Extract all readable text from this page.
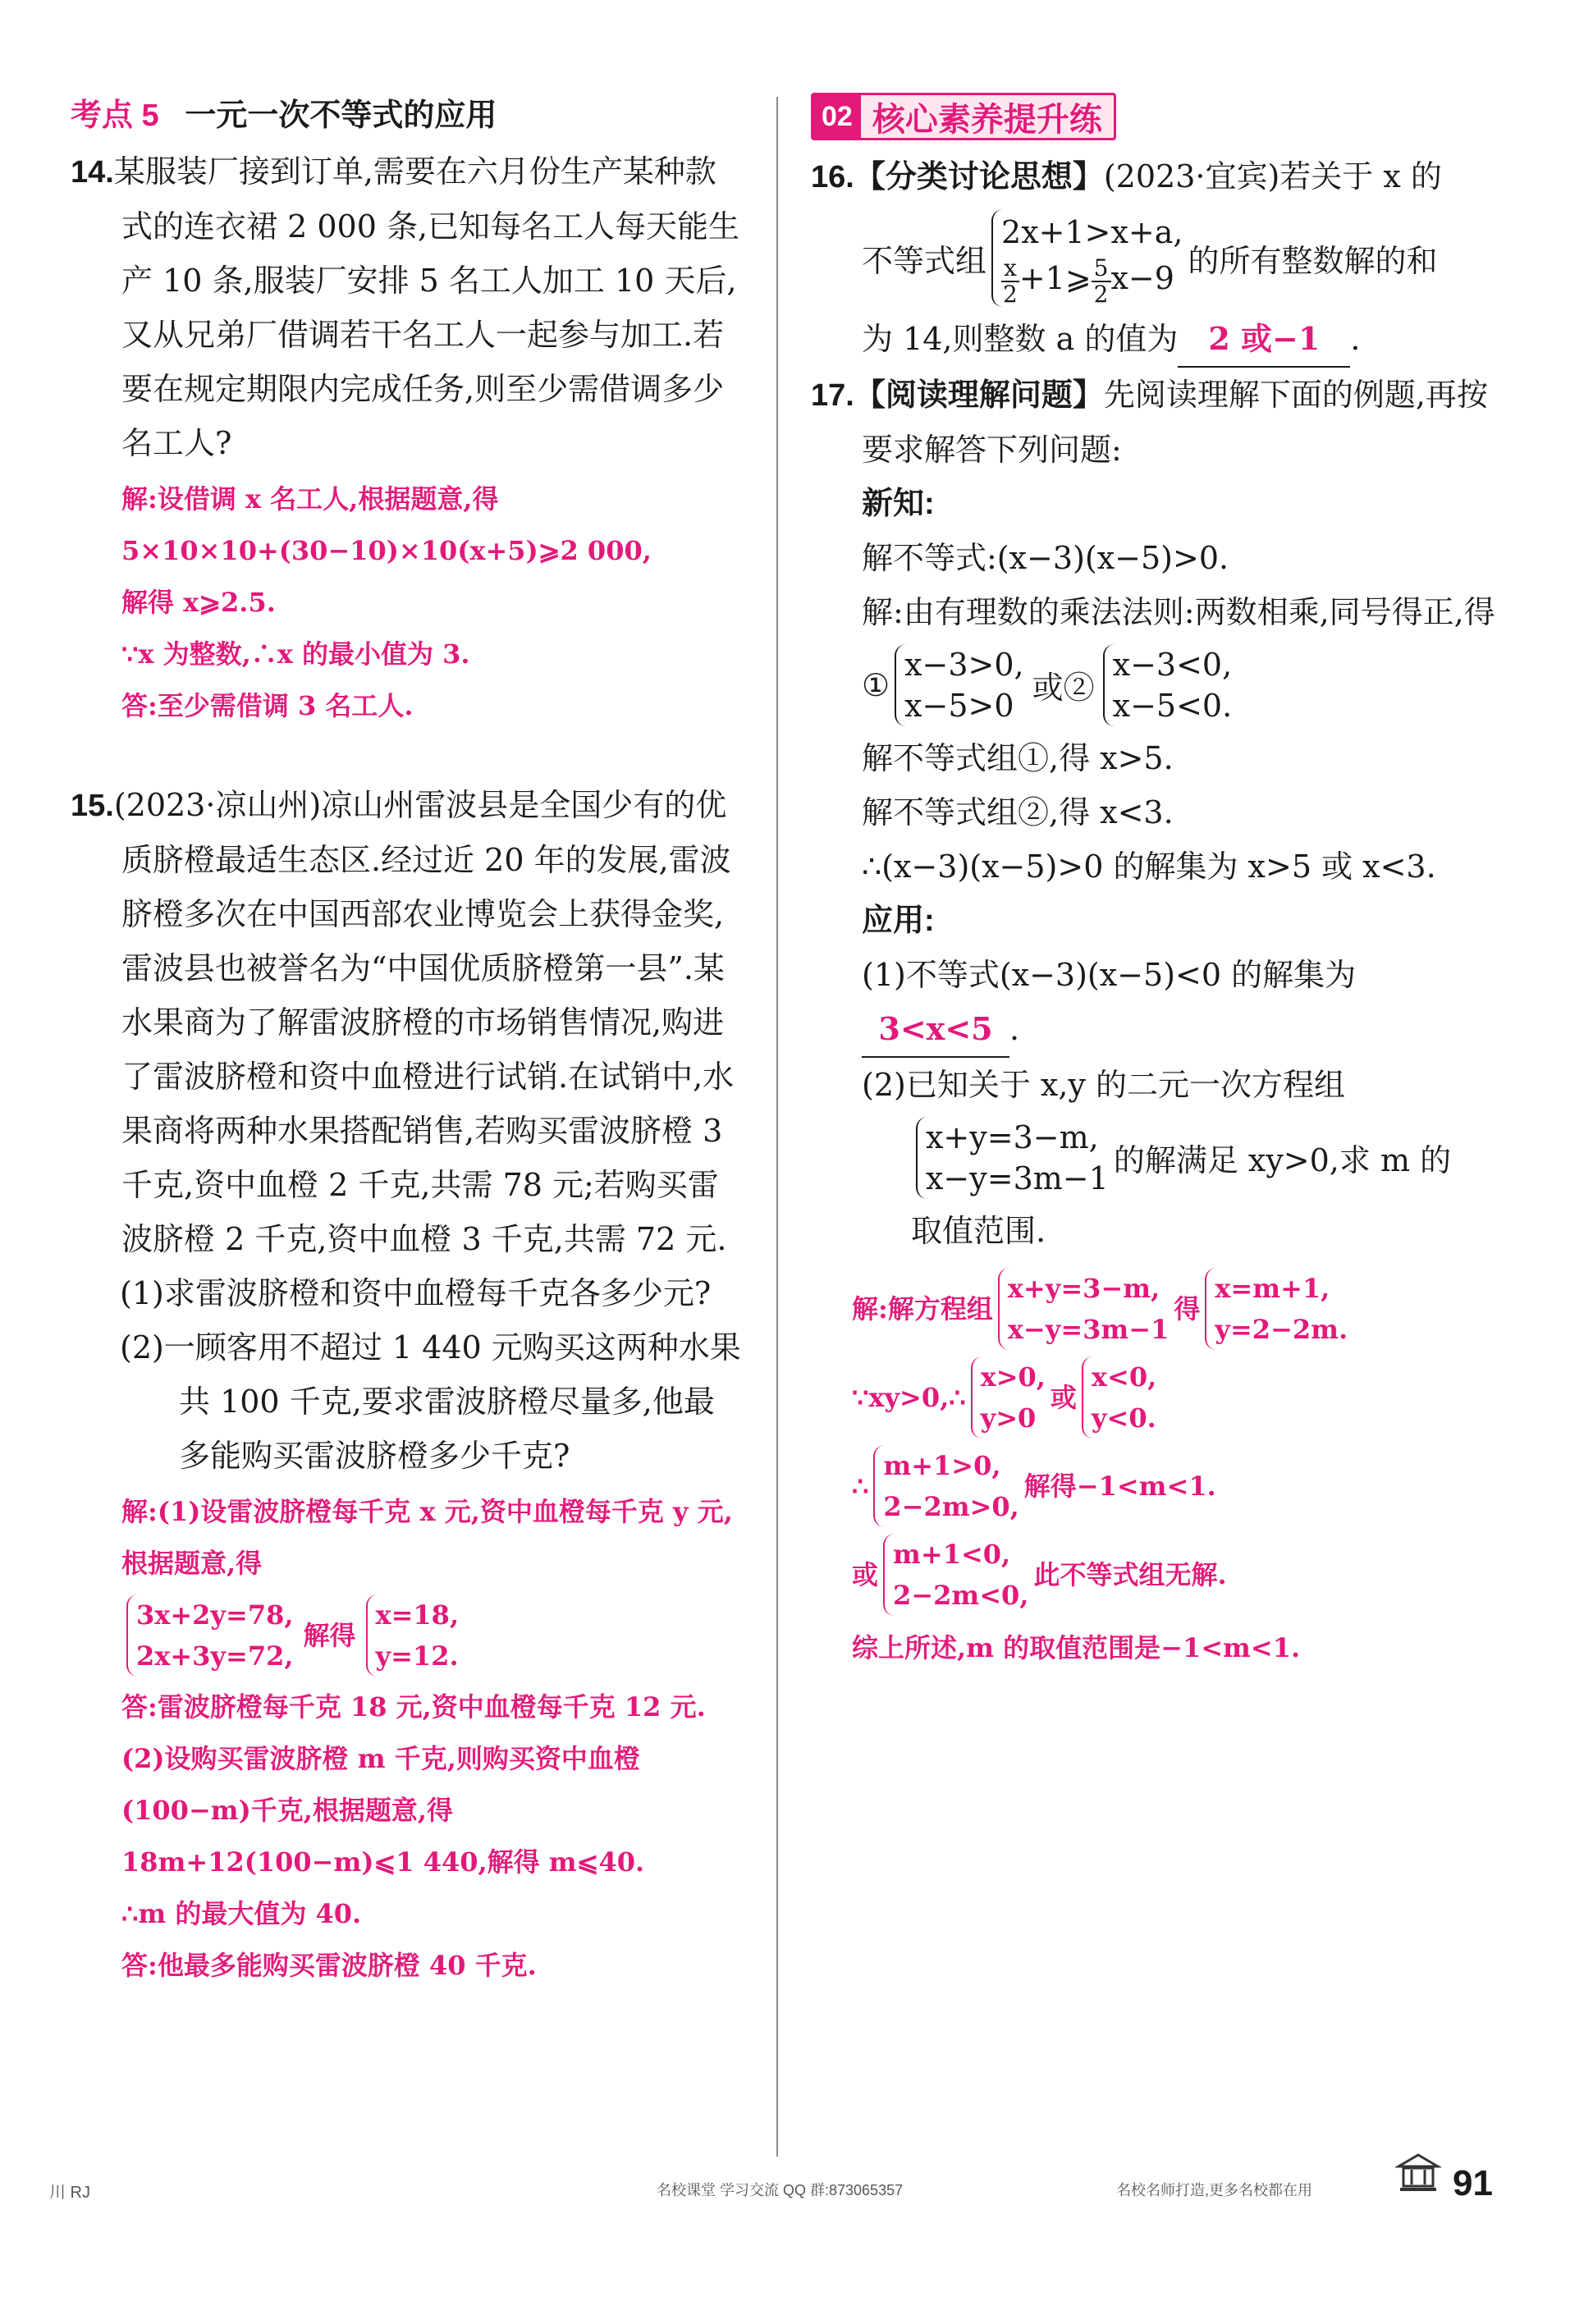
考点 5 一元一次不等式的应用

14.某服装厂接到订单,需要在六月份生产某种款式的连衣裙 2 000 条,已知每名工人每天能生产 10 条,服装厂安排 5 名工人加工 10 天后,又从兄弟厂借调若干名工人一起参与加工.若要在规定期限内完成任务,则至少需借调多少名工人?

解:设借调 x 名工人,根据题意,得

5×10×10+(30−10)×10(x+5)⩾2 000,

解得 x⩾2.5.

∵x 为整数,∴x 的最小值为 3.

答:至少需借调 3 名工人.

15.(2023·凉山州)凉山州雷波县是全国少有的优质脐橙最适生态区.经过近 20 年的发展,雷波脐橙多次在中国西部农业博览会上获得金奖,雷波县也被誉名为“中国优质脐橙第一县”.某水果商为了解雷波脐橙的市场销售情况,购进了雷波脐橙和资中血橙进行试销.在试销中,水果商将两种水果搭配销售,若购买雷波脐橙 3 千克,资中血橙 2 千克,共需 78 元;若购买雷波脐橙 2 千克,资中血橙 3 千克,共需 72 元.

(1)求雷波脐橙和资中血橙每千克各多少元?

(2)一顾客用不超过 1 440 元购买这两种水果共 100 千克,要求雷波脐橙尽量多,他最多能购买雷波脐橙多少千克?

解:(1)设雷波脐橙每千克 x 元,资中血橙每千克 y 元,根据题意,得

3x+2y=78,
2x+3y=72,
解得
x=18,
y=12.

答:雷波脐橙每千克 18 元,资中血橙每千克 12 元.

(2)设购买雷波脐橙 m 千克,则购买资中血橙(100−m)千克,根据题意,得

18m+12(100−m)⩽1 440,解得 m⩽40.

∴m 的最大值为 40.

答:他最多能购买雷波脐橙 40 千克.

02 核心素养提升练

16.【分类讨论思想】(2023·宜宾)若关于 x 的

不等式组
2x+1>x+a,

$\frac{x}{2}$ +1⩾ $\frac{5}{2} x-9$ 的所有整数解的和

为 14,则整数 a 的值为 2 或−1 .

17.【阅读理解问题】先阅读理解下面的例题,再按要求解答下列问题:

新知:

解不等式:(x−3)(x−5)>0.

解:由有理数的乘法法则:两数相乘,同号得正,得

①
x−3>0,
x−5>0 或②
x−3<0,
x−5<0.

解不等式组①,得 x>5.

解不等式组②,得 x<3.

∴(x−3)(x−5)>0 的解集为 x>5 或 x<3.

应用:

(1)不等式(x−3)(x−5)<0 的解集为3<x<5 .

(2)已知关于 x,y 的二元一次方程组

x+y=3−m,
x−y=3m−1 的解满足 xy>0,求 m 的

取值范围.

解:解方程组
x+y=3−m,
x−y=3m−1
得
x=m+1,
y=2−2m.
∵xy>0,∴
x>0,
y>0
或
x<0,
y<0.
∴
m+1>0,
2−2m>0,
解得−1<m<1.
或
m+1<0,
2−2m<0,
此不等式组无解.

综上所述,m 的取值范围是−1<m<1.

川 RJ	名校课堂 学习交流 QQ 群:873065357	名校名师打造,更多名校都在用	91
